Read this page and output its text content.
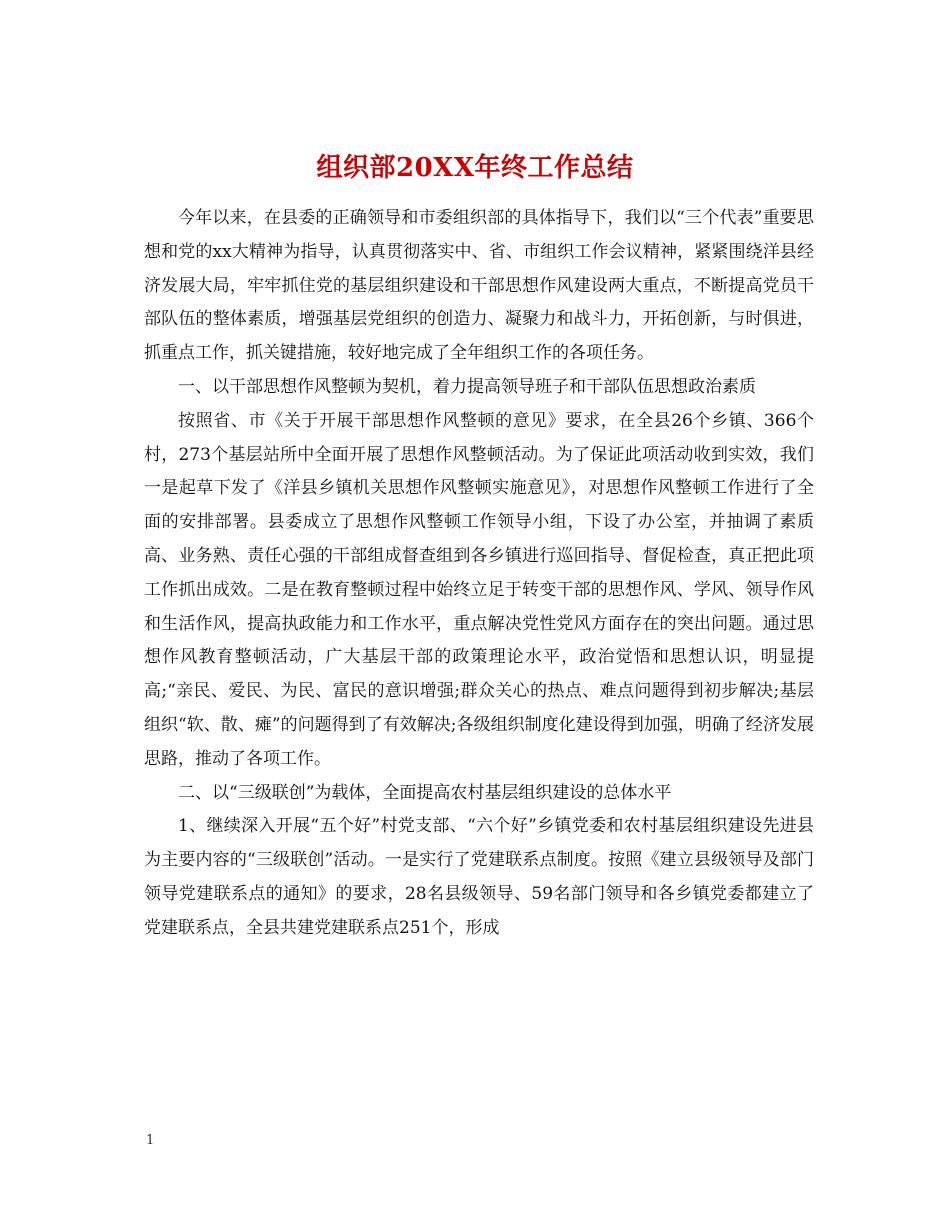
组织部20XX年终工作总结

今年以来，在县委的正确领导和市委组织部的具体指导下，我们以“三个代表”重要思想和党的xx大精神为指导，认真贯彻落实中、省、市组织工作会议精神，紧紧围绕洋县经济发展大局，牢牢抓住党的基层组织建设和干部思想作风建设两大重点，不断提高党员干部队伍的整体素质，增强基层党组织的创造力、凝聚力和战斗力，开拓创新，与时俱进，抓重点工作，抓关键措施，较好地完成了全年组织工作的各项任务。

一、以干部思想作风整顿为契机，着力提高领导班子和干部队伍思想政治素质

按照省、市《关于开展干部思想作风整顿的意见》要求，在全县26个乡镇、366个村，273个基层站所中全面开展了思想作风整顿活动。为了保证此项活动收到实效，我们一是起草下发了《洋县乡镇机关思想作风整顿实施意见》，对思想作风整顿工作进行了全面的安排部署。县委成立了思想作风整顿工作领导小组，下设了办公室，并抽调了素质高、业务熟、责任心强的干部组成督查组到各乡镇进行巡回指导、督促检查，真正把此项工作抓出成效。二是在教育整顿过程中始终立足于转变干部的思想作风、学风、领导作风和生活作风，提高执政能力和工作水平，重点解决党性党风方面存在的突出问题。通过思想作风教育整顿活动，广大基层干部的政策理论水平，政治觉悟和思想认识，明显提高;“亲民、爱民、为民、富民的意识增强;群众关心的热点、难点问题得到初步解决;基层组织“软、散、瘫”的问题得到了有效解决;各级组织制度化建设得到加强，明确了经济发展思路，推动了各项工作。

二、以“三级联创”为载体，全面提高农村基层组织建设的总体水平

1、继续深入开展“五个好”村党支部、“六个好”乡镇党委和农村基层组织建设先进县为主要内容的“三级联创”活动。一是实行了党建联系点制度。按照《建立县级领导及部门领导党建联系点的通知》的要求，28名县级领导、59名部门领导和各乡镇党委都建立了党建联系点，全县共建党建联系点251个，形成

1
